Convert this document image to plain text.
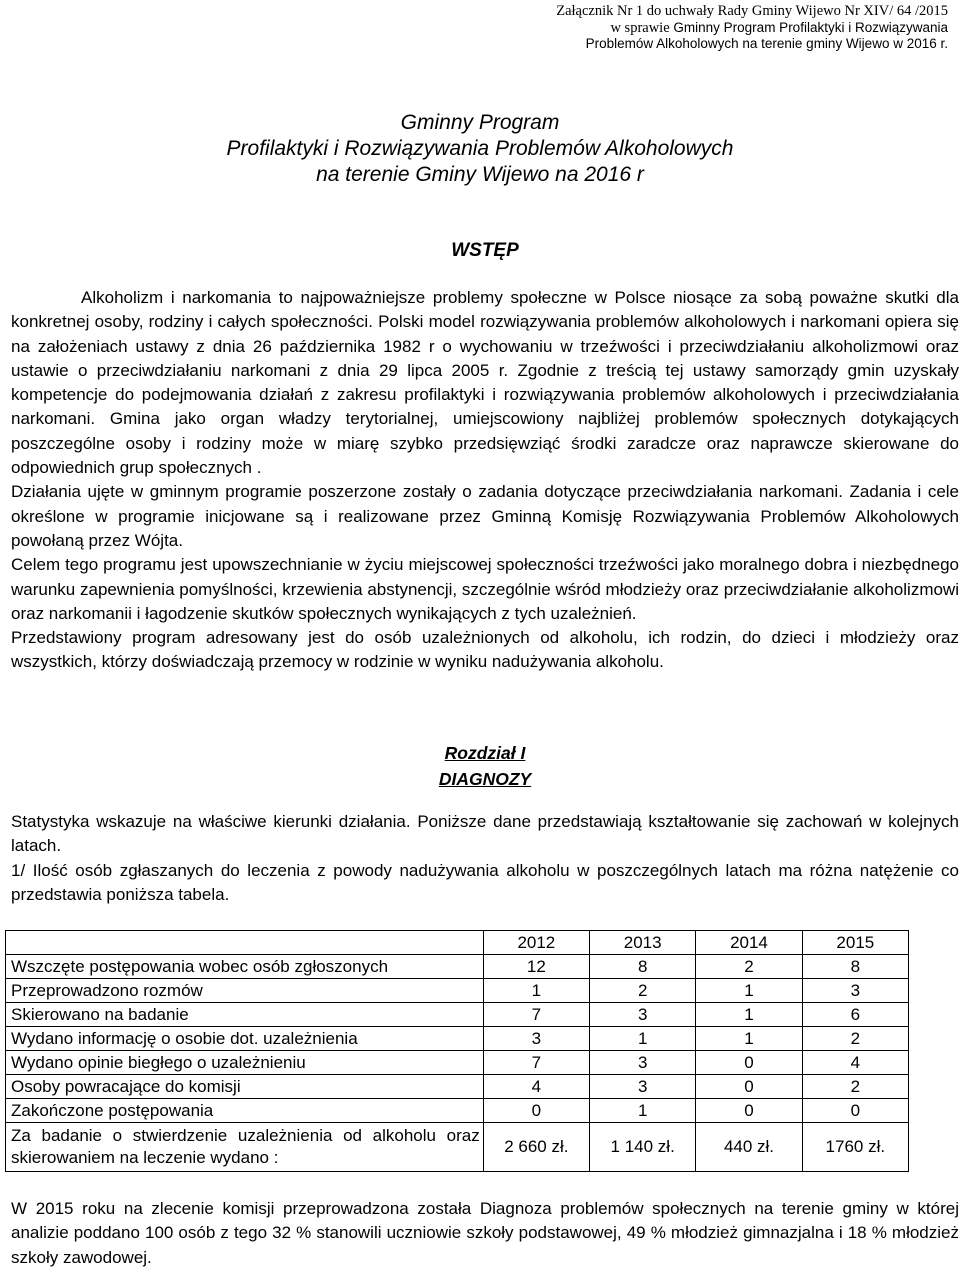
Załącznik Nr 1 do uchwały Rady Gminy Wijewo Nr XIV/ 64 /2015
w sprawie Gminny Program Profilaktyki i Rozwiązywania
Problemów Alkoholowych na terenie gminy Wijewo w 2016 r.
Gminny Program
Profilaktyki i Rozwiązywania Problemów Alkoholowych
na terenie Gminy Wijewo na 2016 r
WSTĘP

Alkoholizm i narkomania to najpoważniejsze problemy społeczne w Polsce niosące za sobą poważne skutki dla konkretnej osoby, rodziny i całych społeczności. Polski model rozwiązywania problemów alkoholowych i narkomani opiera się na założeniach ustawy z dnia 26 października 1982 r o wychowaniu w trzeźwości i przeciwdziałaniu alkoholizmowi oraz ustawie o przeciwdziałaniu narkomani z dnia 29 lipca 2005 r. Zgodnie z treścią tej ustawy samorządy gmin uzyskały kompetencje do podejmowania działań z zakresu profilaktyki i rozwiązywania problemów alkoholowych i przeciwdziałania narkomani. Gmina jako organ władzy terytorialnej, umiejscowiony najbliżej problemów społecznych dotykających poszczególne osoby i rodziny może w miarę szybko przedsięwziąć środki zaradcze oraz naprawcze skierowane do odpowiednich grup społecznych .

Działania ujęte w gminnym programie poszerzone zostały o zadania dotyczące przeciwdziałania narkomani. Zadania i cele określone w programie inicjowane są i realizowane przez Gminną Komisję Rozwiązywania Problemów Alkoholowych powołaną przez Wójta.

Celem tego programu jest upowszechnianie w życiu miejscowej społeczności trzeźwości jako moralnego dobra i niezbędnego warunku zapewnienia pomyślności, krzewienia abstynencji, szczególnie wśród młodzieży oraz przeciwdziałanie alkoholizmowi oraz narkomanii i łagodzenie skutków społecznych wynikających z tych uzależnień.

Przedstawiony program adresowany jest do osób uzależnionych od alkoholu, ich rodzin, do dzieci i młodzieży oraz wszystkich, którzy doświadczają przemocy w rodzinie w wyniku nadużywania alkoholu.

Rozdział I
DIAGNOZY

Statystyka wskazuje na właściwe kierunki działania. Poniższe dane przedstawiają kształtowanie się zachowań w kolejnych latach.

1/ Ilość osób zgłaszanych do leczenia z powody nadużywania alkoholu w poszczególnych latach ma różna natężenie co przedstawia poniższa tabela.

	2012	2013	2014	2015
Wszczęte postępowania wobec osób zgłoszonych	12	8	2	8
Przeprowadzono rozmów	1	2	1	3
Skierowano na badanie	7	3	1	6
Wydano informację o osobie dot. uzależnienia	3	1	1	2
Wydano opinie biegłego o uzależnieniu	7	3	0	4
Osoby powracające do komisji	4	3	0	2
Zakończone postępowania	0	1	0	0
Za badanie o stwierdzenie uzależnienia od alkoholu oraz skierowaniem na leczenie wydano :	2 660 zł.	1 140 zł.	440 zł.	1760 zł.

W 2015 roku na zlecenie komisji przeprowadzona została Diagnoza problemów społecznych na terenie gminy w której analizie poddano 100 osób z tego 32 % stanowili uczniowie szkoły podstawowej, 49 % młodzież gimnazjalna i 18 % młodzież szkoły zawodowej.
